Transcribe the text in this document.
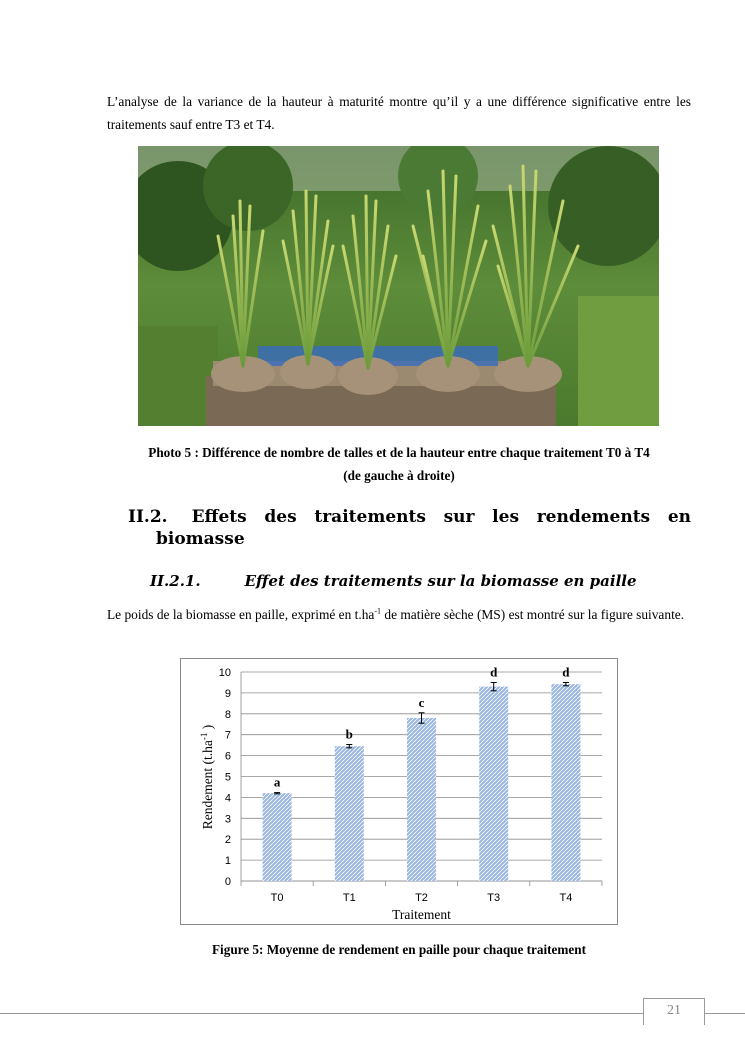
L’analyse de la variance de la hauteur à maturité montre qu’il y a une différence significative entre les traitements sauf entre T3 et T4.
Photo 5 : Différence de nombre de talles et de la hauteur entre chaque traitement T0 à T4
(de gauche à droite)
II.2. Effets des traitements sur les rendements en
biomasse
II.2.1.	Effet des traitements sur la biomasse en paille
Le poids de la biomasse en paille, exprimé en $t.ha^{-1}$ de matière sèche (MS) est montré sur la figure suivante.
0
1
2
3
4
5
6
7
8
9
10
a
T0
b
T1
c
T2
d
T3
d
T4
Traitement
Rendement ($t.ha^{-1}$ )
Figure 5: Moyenne de rendement en paille pour chaque traitement
21
